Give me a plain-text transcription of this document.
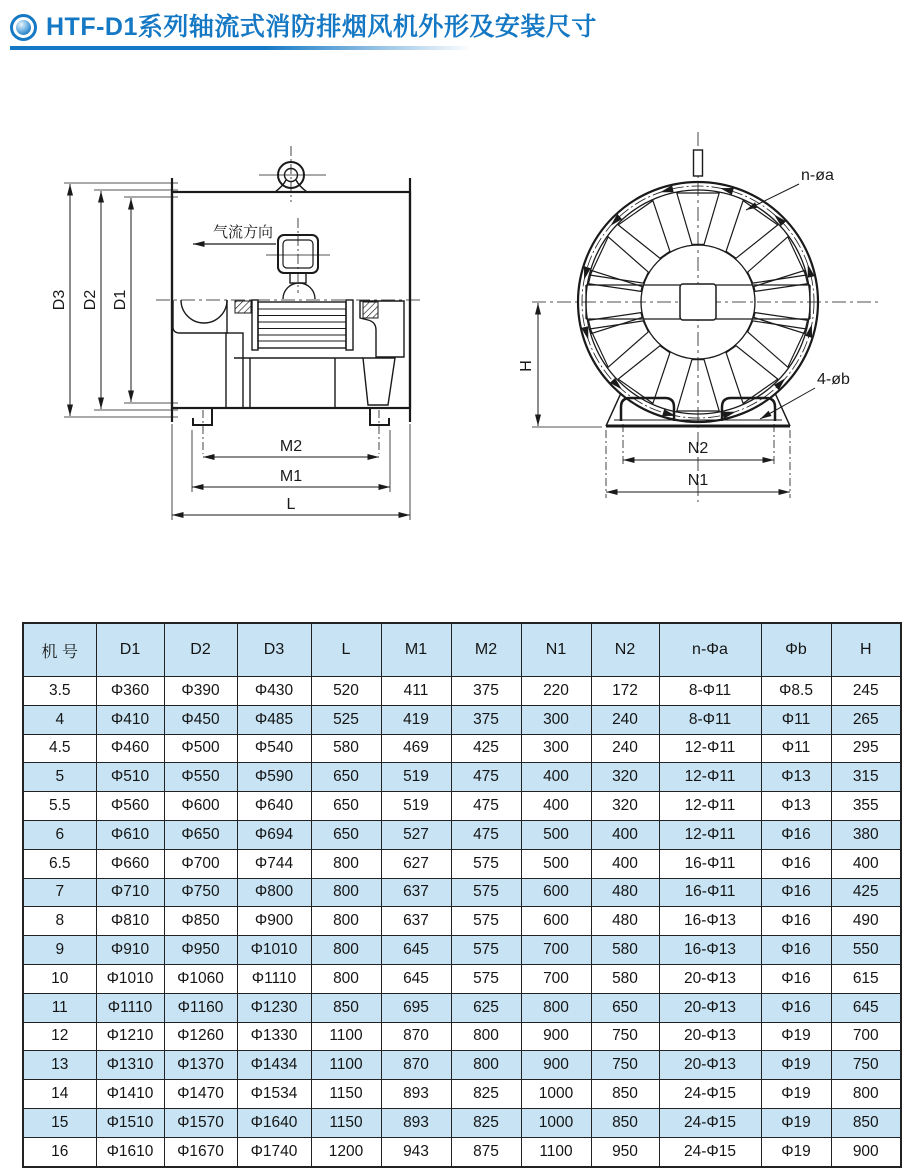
HTF-D1系列轴流式消防排烟风机外形及安装尺寸
气流方向
D3 D2 D1
M2
M1
L
H
N2
N1
n-øa
4-øb
机 号	D1	D2	D3	L	M1	M2	N1	N2	n-Φa	Φb	H
3.5	Φ360	Φ390	Φ430	520	411	375	220	172	8-Φ11	Φ8.5	245
4	Φ410	Φ450	Φ485	525	419	375	300	240	8-Φ11	Φ11	265
4.5	Φ460	Φ500	Φ540	580	469	425	300	240	12-Φ11	Φ11	295
5	Φ510	Φ550	Φ590	650	519	475	400	320	12-Φ11	Φ13	315
5.5	Φ560	Φ600	Φ640	650	519	475	400	320	12-Φ11	Φ13	355
6	Φ610	Φ650	Φ694	650	527	475	500	400	12-Φ11	Φ16	380
6.5	Φ660	Φ700	Φ744	800	627	575	500	400	16-Φ11	Φ16	400
7	Φ710	Φ750	Φ800	800	637	575	600	480	16-Φ11	Φ16	425
8	Φ810	Φ850	Φ900	800	637	575	600	480	16-Φ13	Φ16	490
9	Φ910	Φ950	Φ1010	800	645	575	700	580	16-Φ13	Φ16	550
10	Φ1010	Φ1060	Φ1110	800	645	575	700	580	20-Φ13	Φ16	615
11	Φ1110	Φ1160	Φ1230	850	695	625	800	650	20-Φ13	Φ16	645
12	Φ1210	Φ1260	Φ1330	1100	870	800	900	750	20-Φ13	Φ19	700
13	Φ1310	Φ1370	Φ1434	1100	870	800	900	750	20-Φ13	Φ19	750
14	Φ1410	Φ1470	Φ1534	1150	893	825	1000	850	24-Φ15	Φ19	800
15	Φ1510	Φ1570	Φ1640	1150	893	825	1000	850	24-Φ15	Φ19	850
16	Φ1610	Φ1670	Φ1740	1200	943	875	1100	950	24-Φ15	Φ19	900
